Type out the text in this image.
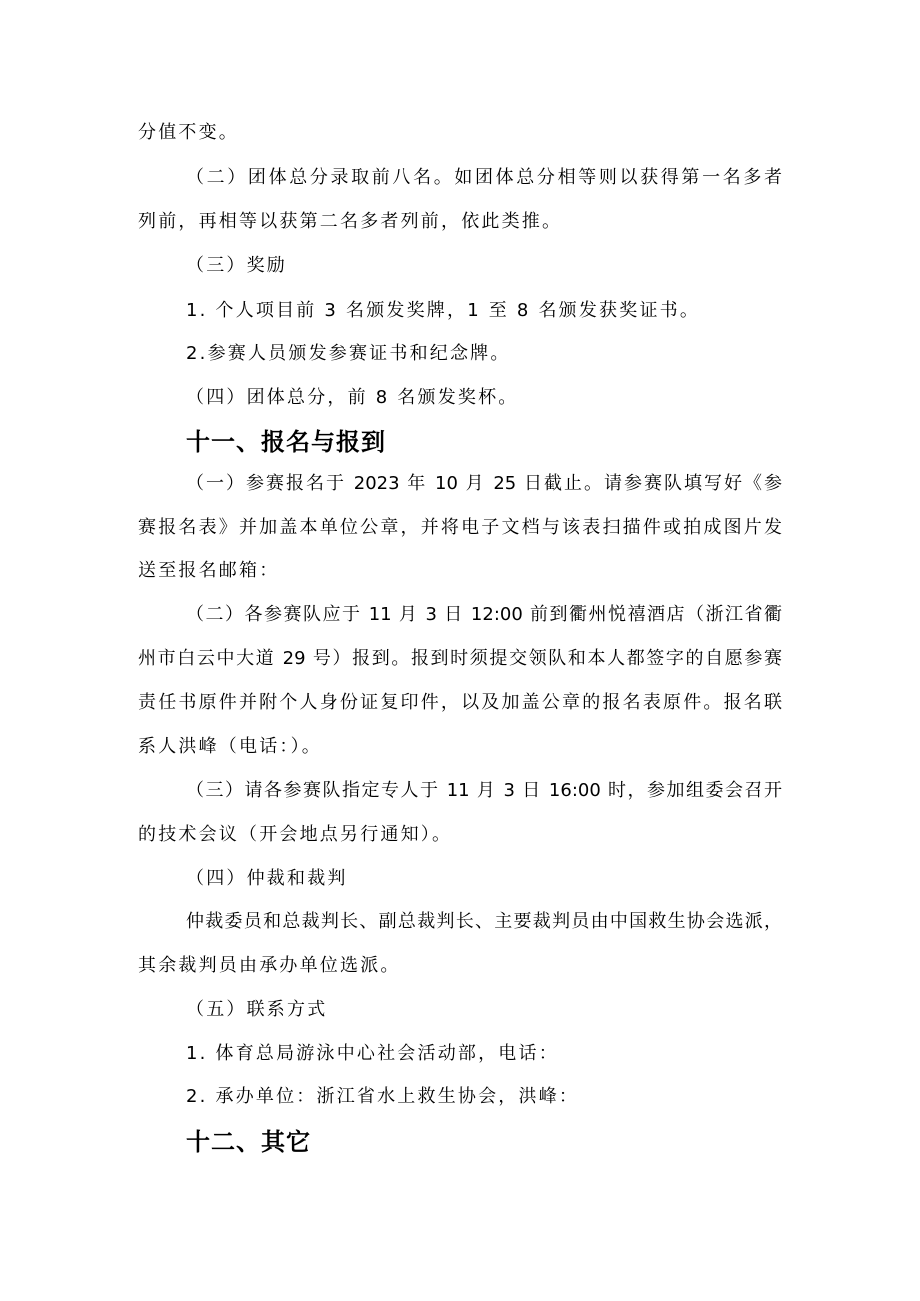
分值不变。
（二）团体总分录取前八名。如团体总分相等则以获得第一名多者
列前，再相等以获第二名多者列前，依此类推。
（三）奖励
1. 个人项目前 3 名颁发奖牌，1 至 8 名颁发获奖证书。
2.参赛人员颁发参赛证书和纪念牌。
（四）团体总分，前 8 名颁发奖杯。
十一、报名与报到
（一）参赛报名于 2023 年 10 月 25 日截止。请参赛队填写好《参
赛报名表》并加盖本单位公章，并将电子文档与该表扫描件或拍成图片发
送至报名邮箱：
（二）各参赛队应于 11 月 3 日 12:00 前到衢州悦禧酒店（浙江省衢
州市白云中大道 29 号）报到。报到时须提交领队和本人都签字的自愿参赛
责任书原件并附个人身份证复印件，以及加盖公章的报名表原件。报名联
系人洪峰（电话：）。
（三）请各参赛队指定专人于 11 月 3 日 16:00 时，参加组委会召开
的技术会议（开会地点另行通知）。
（四）仲裁和裁判
仲裁委员和总裁判长、副总裁判长、主要裁判员由中国救生协会选派，
其余裁判员由承办单位选派。
（五）联系方式
1. 体育总局游泳中心社会活动部，电话：
2. 承办单位：浙江省水上救生协会，洪峰：
十二、其它
